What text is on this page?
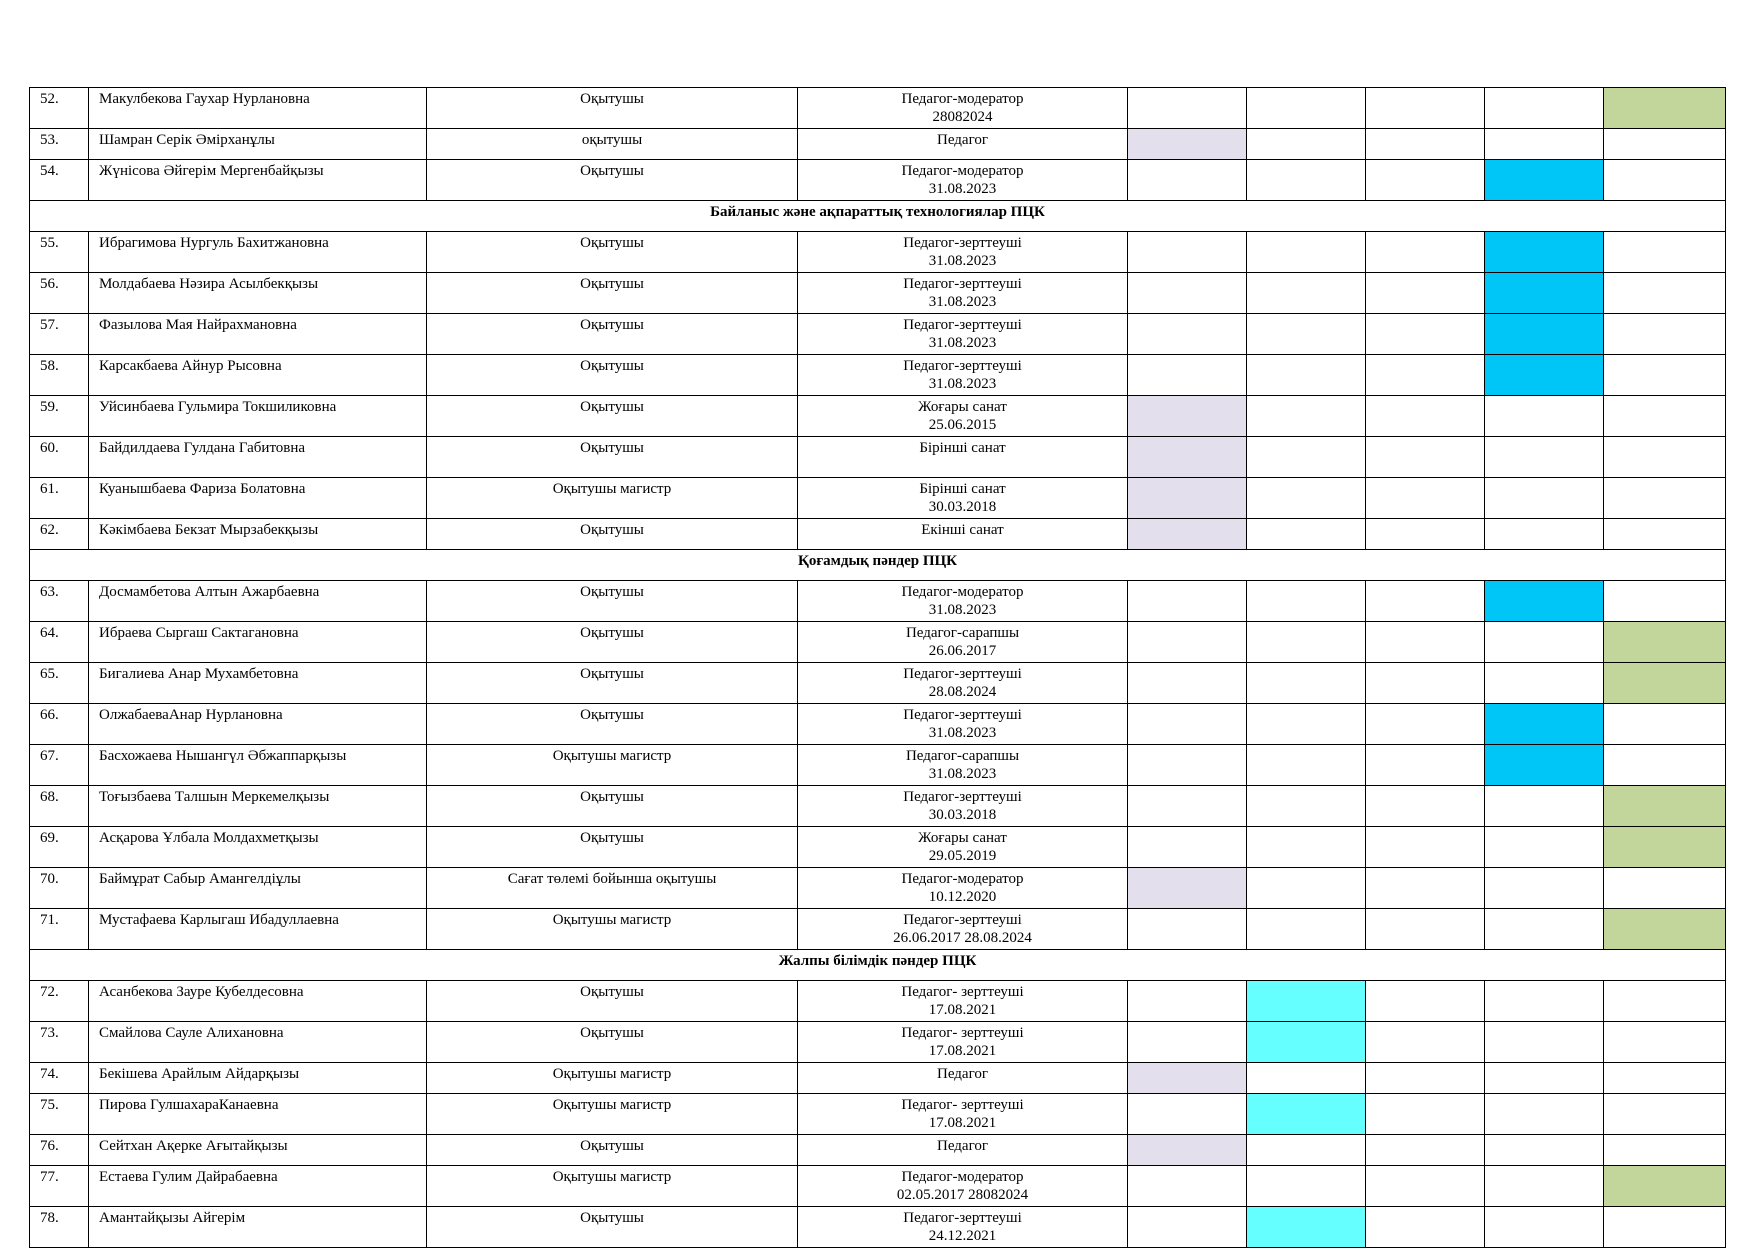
52.	Макулбекова Гаухар Нурлановна	Оқытушы	Педагог-модератор
28082024					

53.	Шамран Серік Әмірханұлы	оқытушы	Педагог					

54.	Жүнісова Әйгерім Мергенбайқызы	Оқытушы	Педагог-модератор
31.08.2023					

Байланыс және ақпараттық технологиялар ПЦК								
55.	Ибрагимова Нургуль Бахитжановна	Оқытушы	Педагог-зерттеуші
31.08.2023					

56.	Молдабаева Нәзира Асылбекқызы	Оқытушы	Педагог-зерттеуші
31.08.2023					

57.	Фазылова Мая Найрахмановна	Оқытушы	Педагог-зерттеуші
31.08.2023					

58.	Карсакбаева Айнур Рысовна	Оқытушы	Педагог-зерттеуші
31.08.2023					

59.	Уйсинбаева Гульмира Токшиликовна	Оқытушы	Жоғары санат
25.06.2015					

60.	Байдилдаева Гулдана Габитовна	Оқытушы	Бірінші санат					

61.	Куанышбаева Фариза Болатовна	Оқытушы магистр	Бірінші санат
30.03.2018					

62.	Кәкімбаева Бекзат Мырзабекқызы	Оқытушы	Екінші санат					

Қоғамдық пәндер ПЦК								
63.	Досмамбетова Алтын Ажарбаевна	Оқытушы	Педагог-модератор
31.08.2023					

64.	Ибраева Сыргаш Сактагановна	Оқытушы	Педагог-сарапшы
26.06.2017					

65.	Бигалиева Анар Мухамбетовна	Оқытушы	Педагог-зерттеуші
28.08.2024					

66.	ОлжабаеваАнар Нурлановна	Оқытушы	Педагог-зерттеуші
31.08.2023					

67.	Басхожаева Нышангүл Әбжаппарқызы	Оқытушы магистр	Педагог-сарапшы
31.08.2023					

68.	Тоғызбаева Талшын Меркемелқызы	Оқытушы	Педагог-зерттеуші
30.03.2018					

69.	Асқарова Ұлбала Молдахметқызы	Оқытушы	Жоғары санат
29.05.2019					

70.	Баймұрат Сабыр Амангелдіұлы	Сағат төлемі бойынша оқытушы	Педагог-модератор
10.12.2020					

71.	Мустафаева Карлыгаш Ибадуллаевна	Оқытушы магистр	Педагог-зерттеуші
26.06.2017 28.08.2024					

Жалпы білімдік пәндер ПЦК								
72.	Асанбекова Зауре Кубелдесовна	Оқытушы	Педагог- зерттеуші
17.08.2021					

73.	Смайлова Сауле Алихановна	Оқытушы	Педагог- зерттеуші
17.08.2021					

74.	Бекішева Арайлым Айдарқызы	Оқытушы магистр	Педагог					

75.	Пирова ГулшахараКанаевна	Оқытушы магистр	Педагог- зерттеуші
17.08.2021					

76.	Сейтхан Ақерке Ағытайқызы	Оқытушы	Педагог					

77.	Естаева Гулим Дайрабаевна	Оқытушы магистр	Педагог-модератор
02.05.2017 28082024					

78.	Амантайқызы Айгерім	Оқытушы	Педагог-зерттеуші
24.12.2021					
